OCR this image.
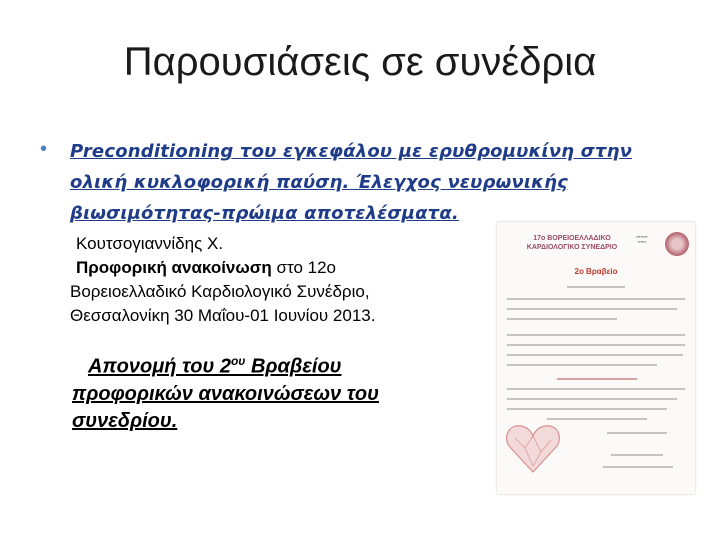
Παρουσιάσεις σε συνέδρια
• Preconditioning του εγκεφάλου με ερυθρομυκίνη στην
ολική κυκλοφορική παύση. Έλεγχος νευρωνικής
βιωσιμότητας-πρώιμα αποτελέσματα.
Κουτσογιαννίδης Χ.
Προφορική ανακοίνωση στο 12ο
Βορειοελλαδικό Καρδιολογικό Συνέδριο,
Θεσσαλονίκη 30 Μαΐου-01 Ιουνίου 2013.
Απονομή του $2^{o\upsilon}$ Βραβείου
προφορικών ανακοινώσεων του
συνεδρίου.
17ο ΒΟΡΕΙΟΕΛΛΑΔΙΚΟ ΚΑΡΔΙΟΛΟΓΙΚΟ ΣΥΝΕΔΡΙΟ
▪▪▪▪▪▪▪▪
▪▪▪▪▪▪
2ο Βραβείο
